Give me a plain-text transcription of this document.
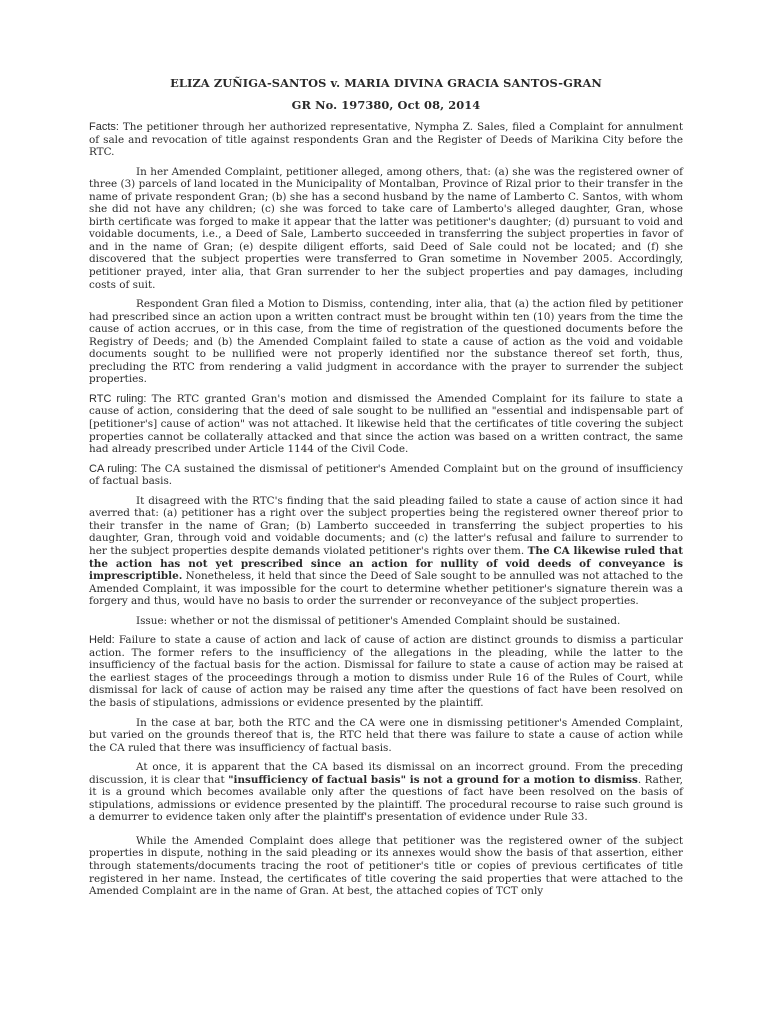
ELIZA ZUÑIGA-SANTOS v. MARIA DIVINA GRACIA SANTOS-GRAN

GR No. 197380, Oct 08, 2014

Facts: The petitioner through her authorized representative, Nympha Z. Sales, filed a Complaint for annulment of sale and revocation of title against respondents Gran and the Register of Deeds of Marikina City before the RTC.

In her Amended Complaint, petitioner alleged, among others, that: (a) she was the registered owner of three (3) parcels of land located in the Municipality of Montalban, Province of Rizal prior to their transfer in the name of private respondent Gran; (b) she has a second husband by the name of Lamberto C. Santos, with whom she did not have any children; (c) she was forced to take care of Lamberto's alleged daughter, Gran, whose birth certificate was forged to make it appear that the latter was petitioner's daughter; (d) pursuant to void and voidable documents, i.e., a Deed of Sale, Lamberto succeeded in transferring the subject properties in favor of and in the name of Gran; (e) despite diligent efforts, said Deed of Sale could not be located; and (f) she discovered that the subject properties were transferred to Gran sometime in November 2005. Accordingly, petitioner prayed, inter alia, that Gran surrender to her the subject properties and pay damages, including costs of suit.

Respondent Gran filed a Motion to Dismiss, contending, inter alia, that (a) the action filed by petitioner had prescribed since an action upon a written contract must be brought within ten (10) years from the time the cause of action accrues, or in this case, from the time of registration of the questioned documents before the Registry of Deeds; and (b) the Amended Complaint failed to state a cause of action as the void and voidable documents sought to be nullified were not properly identified nor the substance thereof set forth, thus, precluding the RTC from rendering a valid judgment in accordance with the prayer to surrender the subject properties.

RTC ruling: The RTC granted Gran's motion and dismissed the Amended Complaint for its failure to state a cause of action, considering that the deed of sale sought to be nullified an "essential and indispensable part of [petitioner's] cause of action" was not attached. It likewise held that the certificates of title covering the subject properties cannot be collaterally attacked and that since the action was based on a written contract, the same had already prescribed under Article 1144 of the Civil Code.

CA ruling: The CA sustained the dismissal of petitioner's Amended Complaint but on the ground of insufficiency of factual basis.

It disagreed with the RTC's finding that the said pleading failed to state a cause of action since it had averred that: (a) petitioner has a right over the subject properties being the registered owner thereof prior to their transfer in the name of Gran; (b) Lamberto succeeded in transferring the subject properties to his daughter, Gran, through void and voidable documents; and (c) the latter's refusal and failure to surrender to her the subject properties despite demands violated petitioner's rights over them. The CA likewise ruled that the action has not yet prescribed since an action for nullity of void deeds of conveyance is imprescriptible. Nonetheless, it held that since the Deed of Sale sought to be annulled was not attached to the Amended Complaint, it was impossible for the court to determine whether petitioner's signature therein was a forgery and thus, would have no basis to order the surrender or reconveyance of the subject properties.

Issue: whether or not the dismissal of petitioner's Amended Complaint should be sustained.

Held: Failure to state a cause of action and lack of cause of action are distinct grounds to dismiss a particular action. The former refers to the insufficiency of the allegations in the pleading, while the latter to the insufficiency of the factual basis for the action. Dismissal for failure to state a cause of action may be raised at the earliest stages of the proceedings through a motion to dismiss under Rule 16 of the Rules of Court, while dismissal for lack of cause of action may be raised any time after the questions of fact have been resolved on the basis of stipulations, admissions or evidence presented by the plaintiff.

In the case at bar, both the RTC and the CA were one in dismissing petitioner's Amended Complaint, but varied on the grounds thereof that is, the RTC held that there was failure to state a cause of action while the CA ruled that there was insufficiency of factual basis.

At once, it is apparent that the CA based its dismissal on an incorrect ground. From the preceding discussion, it is clear that "insufficiency of factual basis" is not a ground for a motion to dismiss. Rather, it is a ground which becomes available only after the questions of fact have been resolved on the basis of stipulations, admissions or evidence presented by the plaintiff. The procedural recourse to raise such ground is a demurrer to evidence taken only after the plaintiff's presentation of evidence under Rule 33.

While the Amended Complaint does allege that petitioner was the registered owner of the subject properties in dispute, nothing in the said pleading or its annexes would show the basis of that assertion, either through statements/documents tracing the root of petitioner's title or copies of previous certificates of title registered in her name. Instead, the certificates of title covering the said properties that were attached to the Amended Complaint are in the name of Gran. At best, the attached copies of TCT only
